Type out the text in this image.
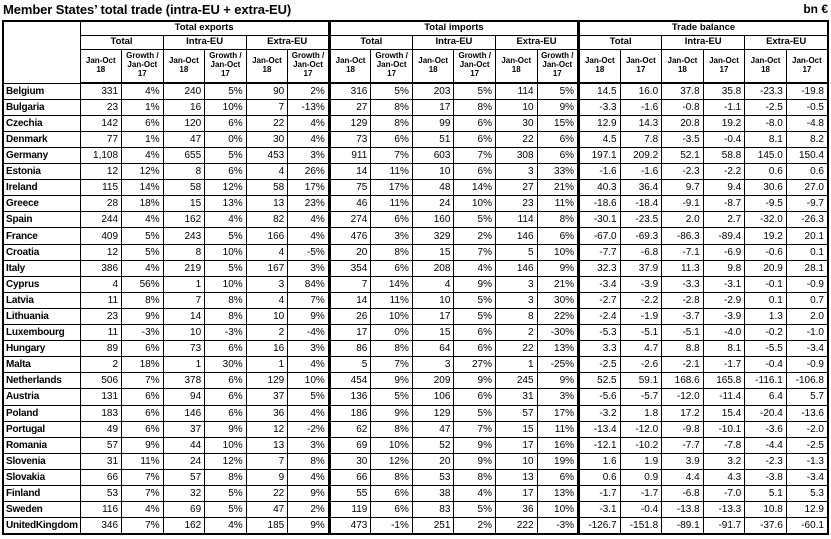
Member States’ total trade (intra-EU + extra-EU)	bn €
	Total exports						Total imports						Trade balance					
	Total		Intra-EU		Extra-EU		Total		Intra-EU		Extra-EU		Total		Intra-EU		Extra-EU	
	Jan-Oct 18	Growth / Jan-Oct 17	Jan-Oct 18	Growth / Jan-Oct 17	Jan-Oct 18	Growth / Jan-Oct 17	Jan-Oct 18	Growth / Jan-Oct 17	Jan-Oct 18	Growth / Jan-Oct 17	Jan-Oct 18	Growth / Jan-Oct 17	Jan-Oct 18	Jan-Oct 17	Jan-Oct 18	Jan-Oct 17	Jan-Oct 18	Jan-Oct 17
Belgium	331	4%	240	5%	90	2%	316	5%	203	5%	114	5%	14.5	16.0	37.8	35.8	-23.3	-19.8
Bulgaria	23	1%	16	10%	7	-13%	27	8%	17	8%	10	9%	-3.3	-1.6	-0.8	-1.1	-2.5	-0.5
Czechia	142	6%	120	6%	22	4%	129	8%	99	6%	30	15%	12.9	14.3	20.8	19.2	-8.0	-4.8
Denmark	77	1%	47	0%	30	4%	73	6%	51	6%	22	6%	4.5	7.8	-3.5	-0.4	8.1	8.2
Germany	1,108	4%	655	5%	453	3%	911	7%	603	7%	308	6%	197.1	209.2	52.1	58.8	145.0	150.4
Estonia	12	12%	8	6%	4	26%	14	11%	10	6%	3	33%	-1.6	-1.6	-2.3	-2.2	0.6	0.6
Ireland	115	14%	58	12%	58	17%	75	17%	48	14%	27	21%	40.3	36.4	9.7	9.4	30.6	27.0
Greece	28	18%	15	13%	13	23%	46	11%	24	10%	23	11%	-18.6	-18.4	-9.1	-8.7	-9.5	-9.7
Spain	244	4%	162	4%	82	4%	274	6%	160	5%	114	8%	-30.1	-23.5	2.0	2.7	-32.0	-26.3
France	409	5%	243	5%	166	4%	476	3%	329	2%	146	6%	-67.0	-69.3	-86.3	-89.4	19.2	20.1
Croatia	12	5%	8	10%	4	-5%	20	8%	15	7%	5	10%	-7.7	-6.8	-7.1	-6.9	-0.6	0.1
Italy	386	4%	219	5%	167	3%	354	6%	208	4%	146	9%	32.3	37.9	11.3	9.8	20.9	28.1
Cyprus	4	56%	1	10%	3	84%	7	14%	4	9%	3	21%	-3.4	-3.9	-3.3	-3.1	-0.1	-0.9
Latvia	11	8%	7	8%	4	7%	14	11%	10	5%	3	30%	-2.7	-2.2	-2.8	-2.9	0.1	0.7
Lithuania	23	9%	14	8%	10	9%	26	10%	17	5%	8	22%	-2.4	-1.9	-3.7	-3.9	1.3	2.0
Luxembourg	11	-3%	10	-3%	2	-4%	17	0%	15	6%	2	-30%	-5.3	-5.1	-5.1	-4.0	-0.2	-1.0
Hungary	89	6%	73	6%	16	3%	86	8%	64	6%	22	13%	3.3	4.7	8.8	8.1	-5.5	-3.4
Malta	2	18%	1	30%	1	4%	5	7%	3	27%	1	-25%	-2.5	-2.6	-2.1	-1.7	-0.4	-0.9
Netherlands	506	7%	378	6%	129	10%	454	9%	209	9%	245	9%	52.5	59.1	168.6	165.8	-116.1	-106.8
Austria	131	6%	94	6%	37	5%	136	5%	106	6%	31	3%	-5.6	-5.7	-12.0	-11.4	6.4	5.7
Poland	183	6%	146	6%	36	4%	186	9%	129	5%	57	17%	-3.2	1.8	17.2	15.4	-20.4	-13.6
Portugal	49	6%	37	9%	12	-2%	62	8%	47	7%	15	11%	-13.4	-12.0	-9.8	-10.1	-3.6	-2.0
Romania	57	9%	44	10%	13	3%	69	10%	52	9%	17	16%	-12.1	-10.2	-7.7	-7.8	-4.4	-2.5
Slovenia	31	11%	24	12%	7	8%	30	12%	20	9%	10	19%	1.6	1.9	3.9	3.2	-2.3	-1.3
Slovakia	66	7%	57	8%	9	4%	66	8%	53	8%	13	6%	0.6	0.9	4.4	4.3	-3.8	-3.4
Finland	53	7%	32	5%	22	9%	55	6%	38	4%	17	13%	-1.7	-1.7	-6.8	-7.0	5.1	5.3
Sweden	116	4%	69	5%	47	2%	119	6%	83	5%	36	10%	-3.1	-0.4	-13.8	-13.3	10.8	12.9
UnitedKingdom	346	7%	162	4%	185	9%	473	-1%	251	2%	222	-3%	-126.7	-151.8	-89.1	-91.7	-37.6	-60.1
